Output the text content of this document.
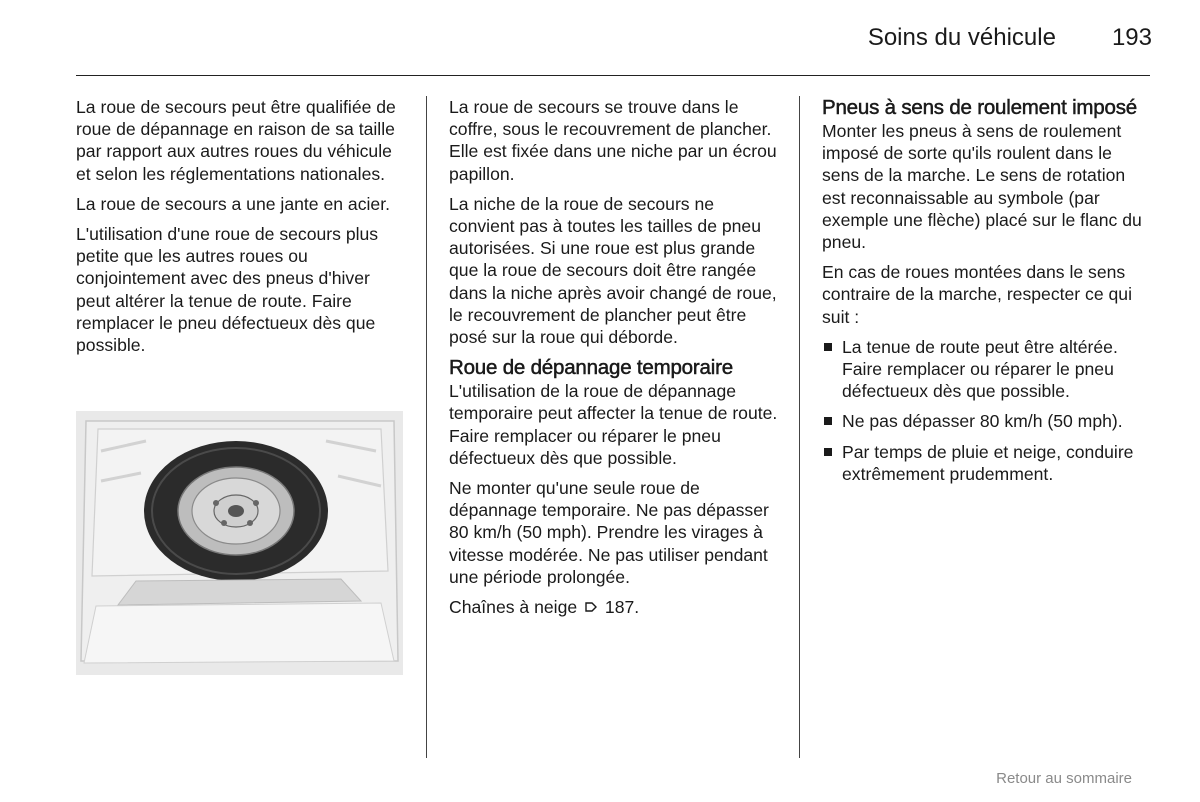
Soins du véhicule 193

La roue de secours peut être qualifiée de roue de dépannage en raison de sa taille par rapport aux autres roues du véhicule et selon les réglementations nationales.

La roue de secours a une jante en acier.

L'utilisation d'une roue de secours plus petite que les autres roues ou conjointement avec des pneus d'hiver peut altérer la tenue de route. Faire remplacer le pneu défectueux dès que possible.

La roue de secours se trouve dans le coffre, sous le recouvrement de plancher. Elle est fixée dans une niche par un écrou papillon.

La niche de la roue de secours ne convient pas à toutes les tailles de pneu autorisées. Si une roue est plus grande que la roue de secours doit être rangée dans la niche après avoir changé de roue, le recouvrement de plancher peut être posé sur la roue qui déborde.

Roue de dépannage temporaire

L'utilisation de la roue de dépannage temporaire peut affecter la tenue de route. Faire remplacer ou réparer le pneu défectueux dès que possible.

Ne monter qu'une seule roue de dépannage temporaire. Ne pas dépasser 80 km/h (50 mph). Prendre les virages à vitesse modérée. Ne pas utiliser pendant une période prolongée.

Chaînes à neige 187.

Pneus à sens de roulement imposé

Monter les pneus à sens de roulement imposé de sorte qu'ils roulent dans le sens de la marche. Le sens de rotation est reconnaissable au symbole (par exemple une flèche) placé sur le flanc du pneu.

En cas de roues montées dans le sens contraire de la marche, respecter ce qui suit :

La tenue de route peut être altérée. Faire remplacer ou réparer le pneu défectueux dès que possible.
Ne pas dépasser 80 km/h (50 mph).
Par temps de pluie et neige, conduire extrêmement prudemment.
Retour au sommaire
